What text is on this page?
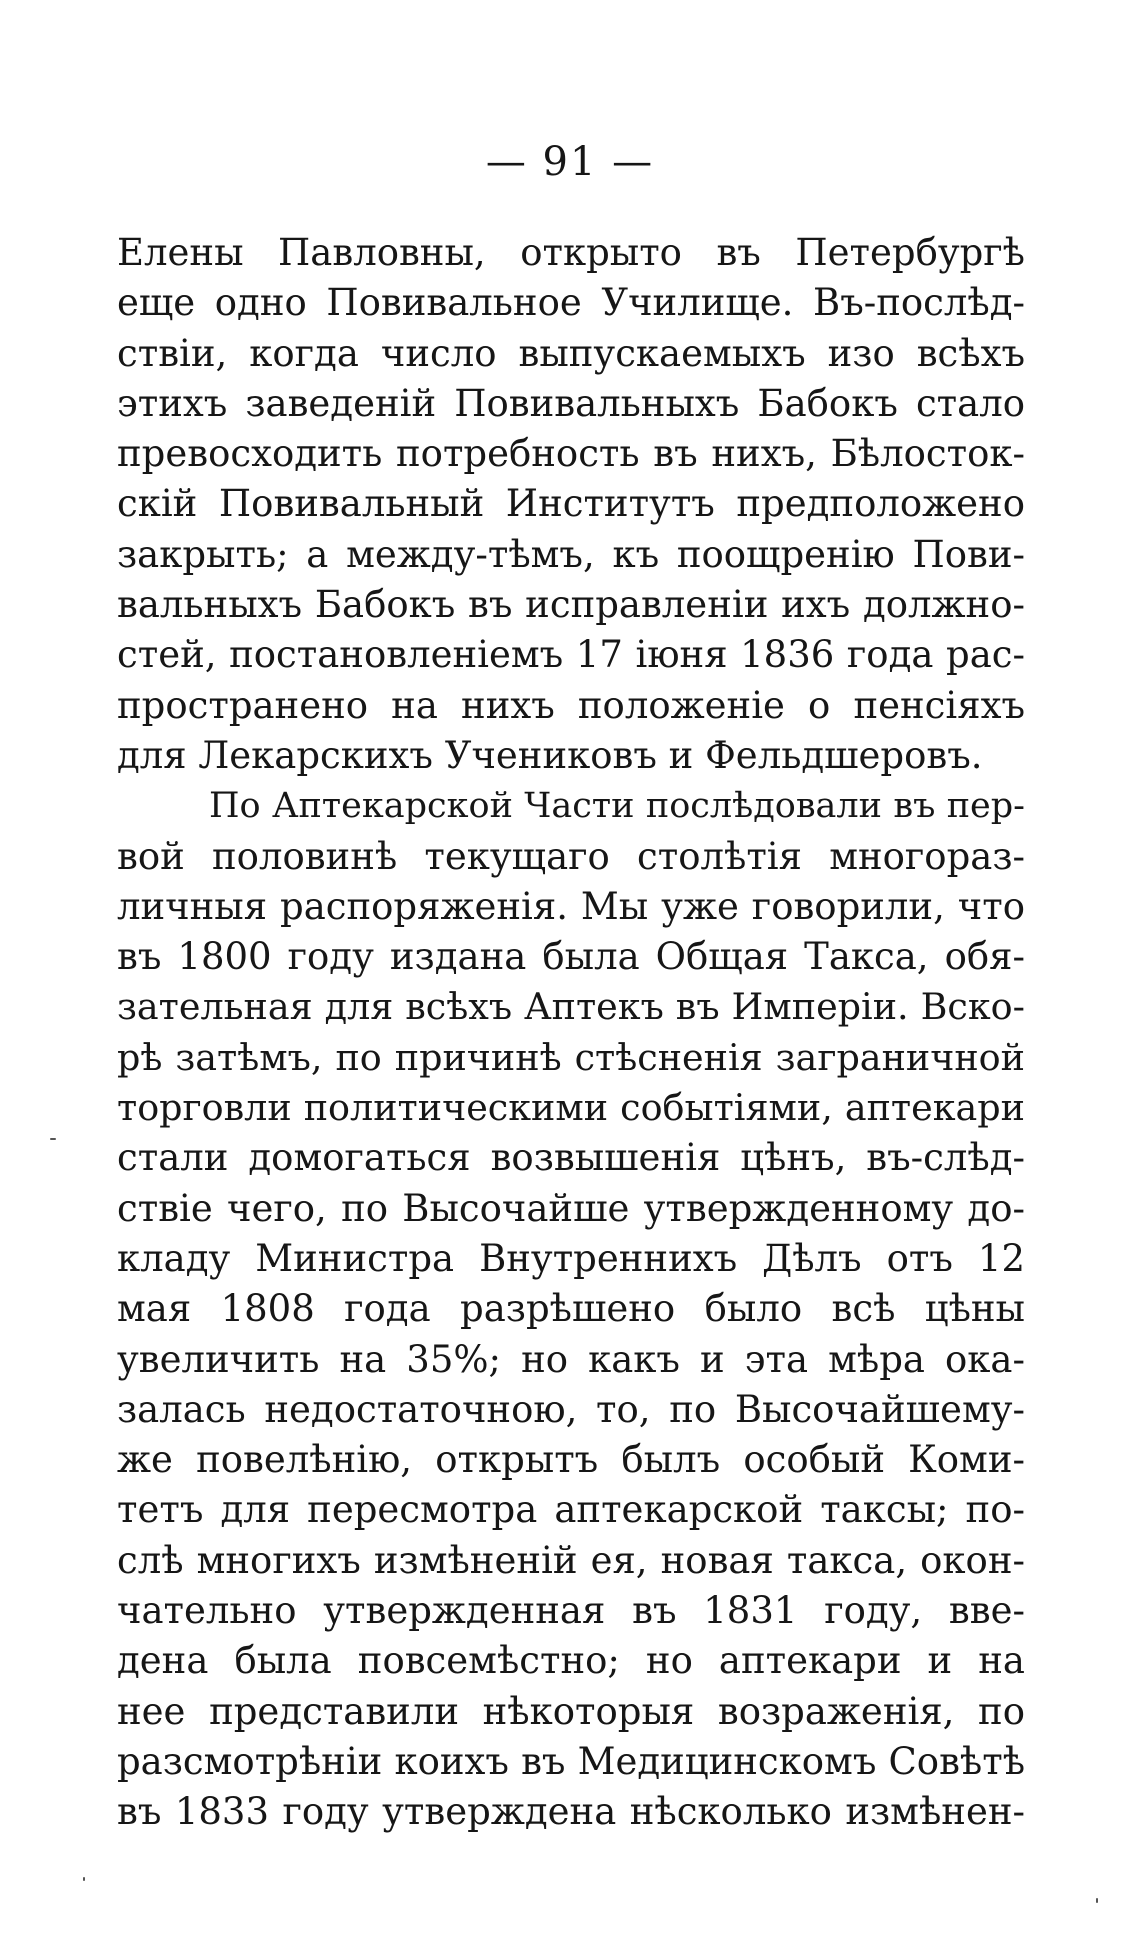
— 91 —
Елены Павловны, открыто въ Петербургѣ
еще одно Повивальное Училище. Въ-послѣд-
ствіи, когда число выпускаемыхъ изо всѣхъ
этихъ заведеній Повивальныхъ Бабокъ стало
превосходить потребность въ нихъ, Бѣлосток-
скій Повивальный Институтъ предположено
закрыть; а между-тѣмъ, къ поощренію Пови-
вальныхъ Бабокъ въ исправленіи ихъ должно-
стей, постановленіемъ 17 іюня 1836 года рас-
пространено на нихъ положеніе о пенсіяхъ
для Лекарскихъ Учениковъ и Фельдшеровъ.
По Аптекарской Части послѣдовали въ пер-
вой половинѣ текущаго столѣтія многораз-
личныя распоряженія. Мы уже говорили, что
въ 1800 году издана была Общая Такса, обя-
зательная для всѣхъ Аптекъ въ Имперіи. Вско-
рѣ затѣмъ, по причинѣ стѣсненія заграничной
торговли политическими событіями, аптекари
стали домогаться возвышенія цѣнъ, въ-слѣд-
ствіе чего, по Высочайше утвержденному до-
кладу Министра Внутреннихъ Дѣлъ отъ 12
мая 1808 года разрѣшено было всѣ цѣны
увеличить на 35%; но какъ и эта мѣра ока-
залась недостаточною, то, по Высочайшему-
же повелѣнію, открытъ былъ особый Коми-
тетъ для пересмотра аптекарской таксы; по-
слѣ многихъ измѣненій ея, новая такса, окон-
чательно утвержденная въ 1831 году, вве-
дена была повсемѣстно; но аптекари и на
нее представили нѣкоторыя возраженія, по
разсмотрѣніи коихъ въ Медицинскомъ Совѣтѣ
въ 1833 году утверждена нѣсколько измѣнен-
